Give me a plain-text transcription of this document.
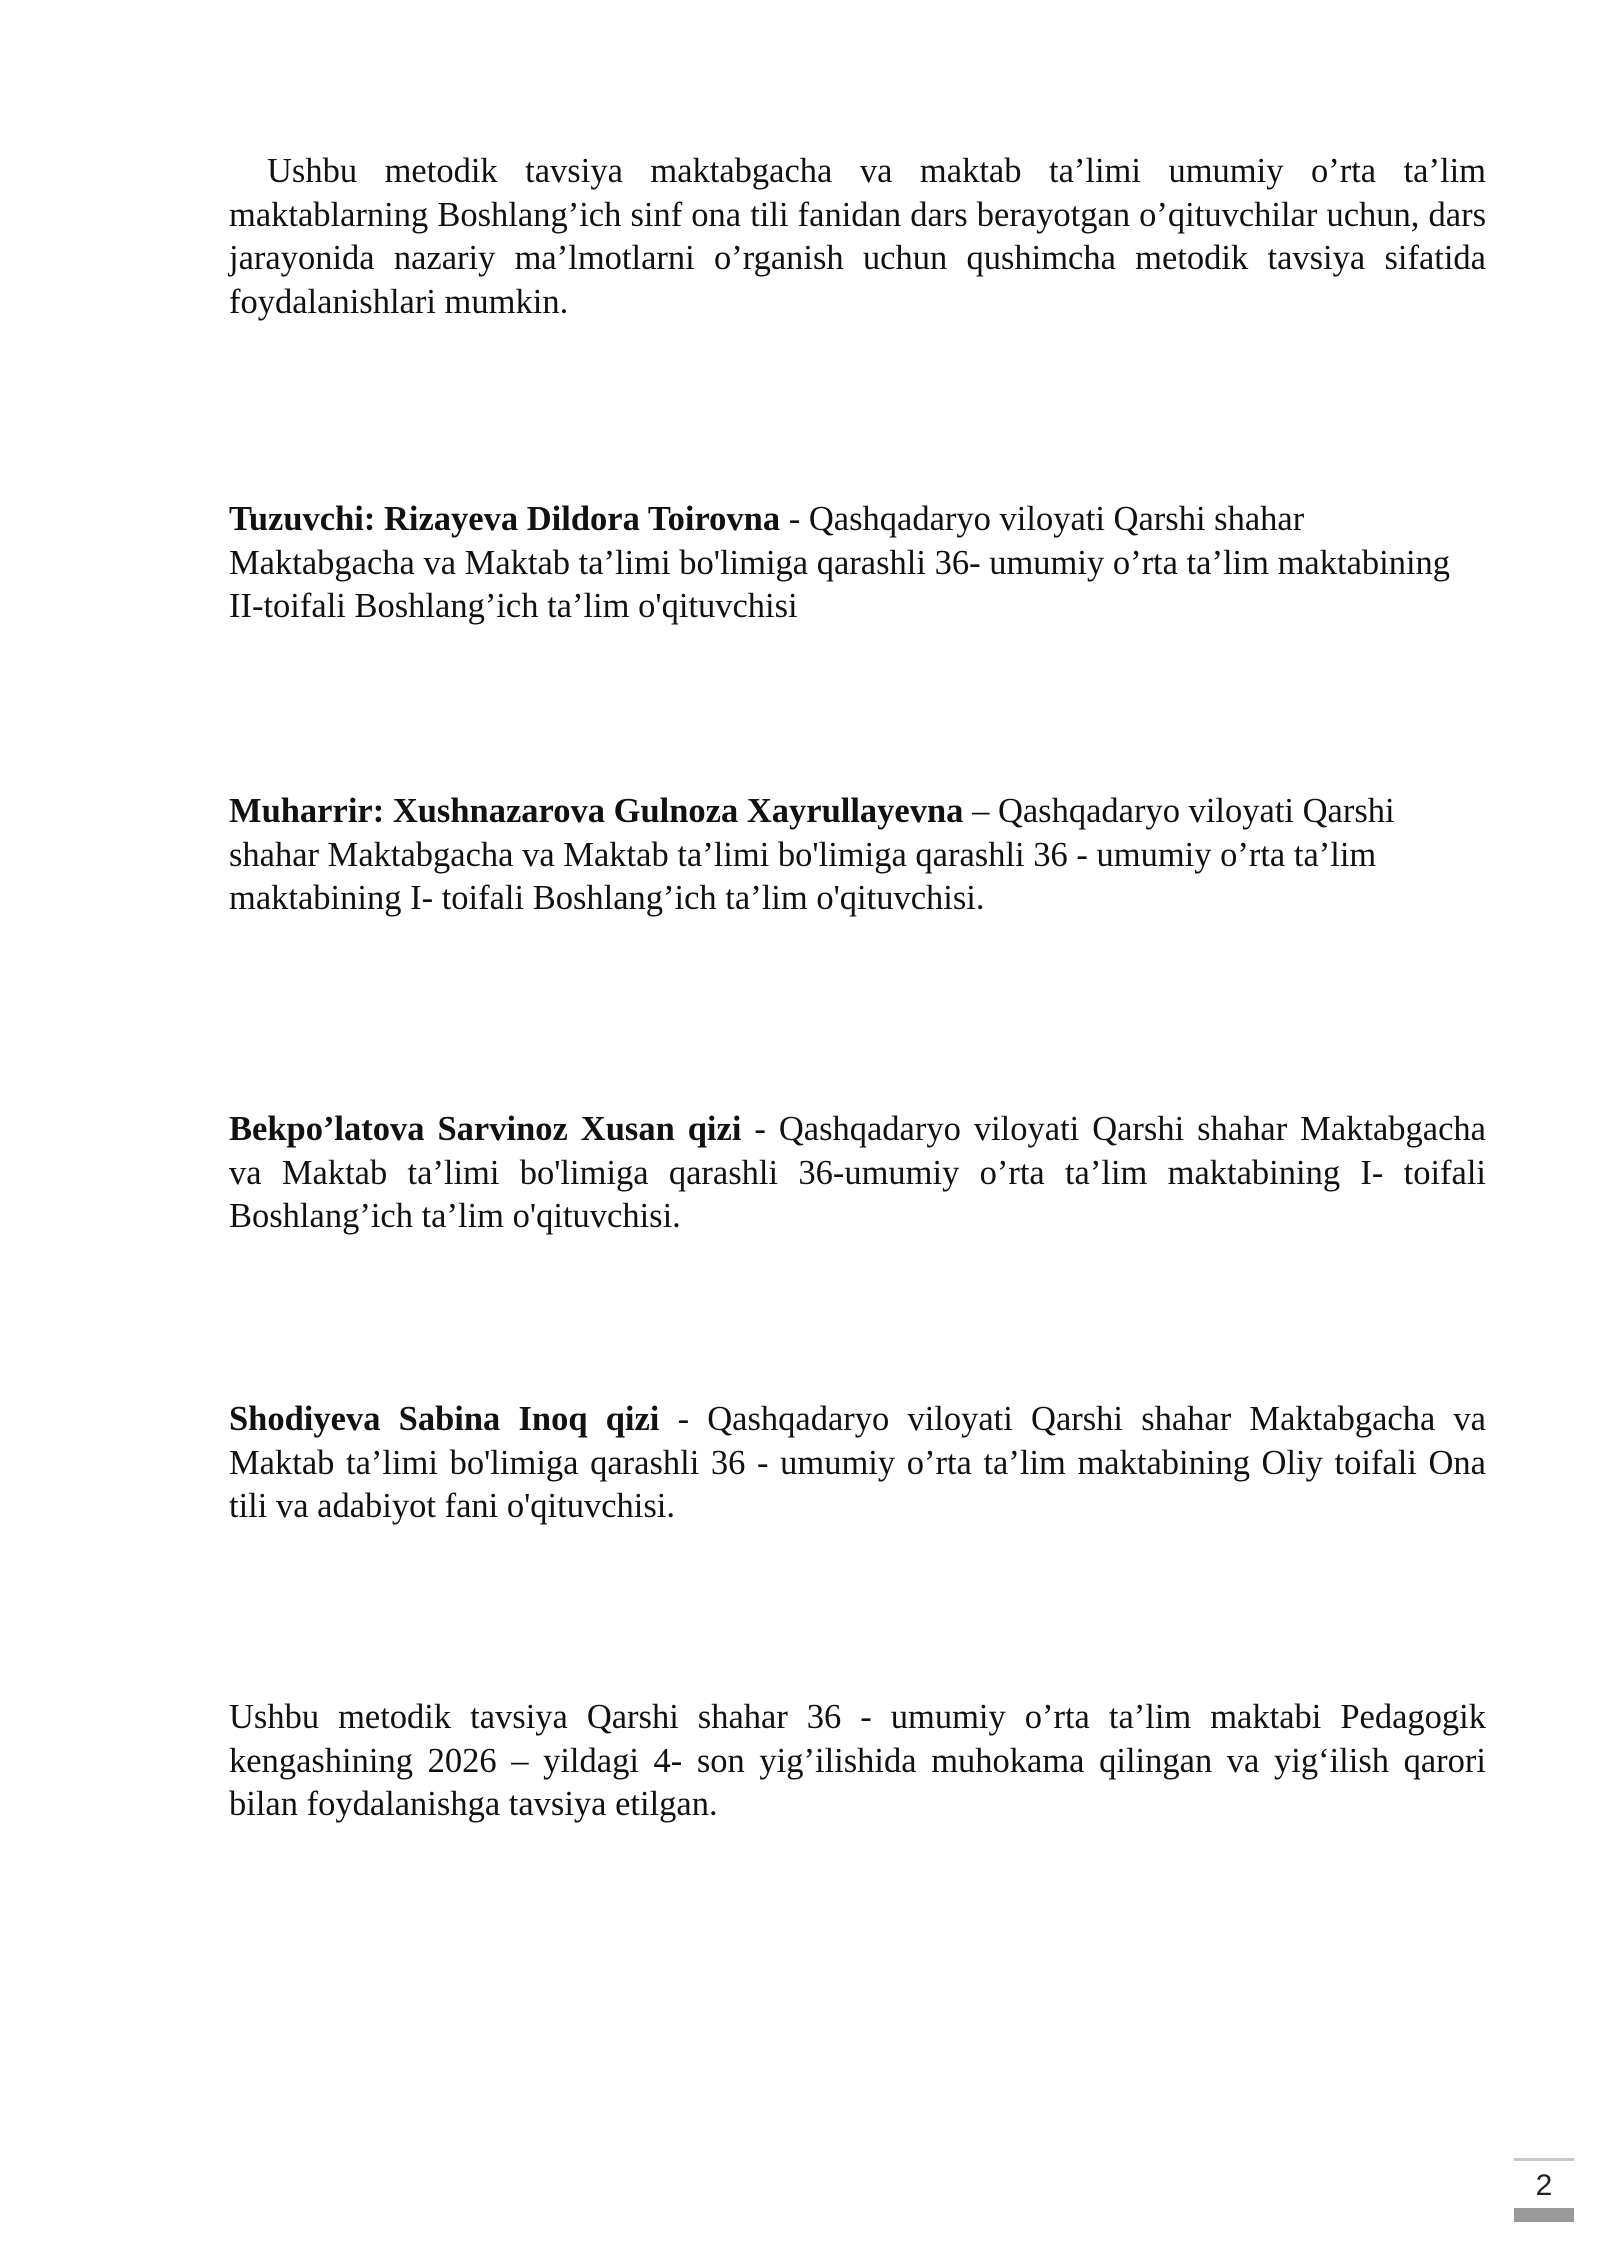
Ushbu metodik tavsiya maktabgacha va maktab ta’limi umumiy o’rta ta’lim maktablarning Boshlang’ich sinf ona tili fanidan dars berayotgan o’qituvchilar uchun, dars jarayonida nazariy ma’lmotlarni o’rganish uchun qushimcha metodik tavsiya sifatida foydalanishlari mumkin.

Tuzuvchi: Rizayeva Dildora Toirovna - Qashqadaryo viloyati Qarshi shahar Maktabgacha va Maktab ta’limi bo'limiga qarashli 36- umumiy o’rta ta’lim maktabining II-toifali Boshlang’ich ta’lim o'qituvchisi

Muharrir: Xushnazarova Gulnoza Xayrullayevna – Qashqadaryo viloyati Qarshi shahar Maktabgacha va Maktab ta’limi bo'limiga qarashli 36 - umumiy o’rta ta’lim maktabining I- toifali Boshlang’ich ta’lim o'qituvchisi.

Bekpo’latova Sarvinoz Xusan qizi - Qashqadaryo viloyati Qarshi shahar Maktabgacha va Maktab ta’limi bo'limiga qarashli 36-umumiy o’rta ta’lim maktabining I- toifali Boshlang’ich ta’lim o'qituvchisi.

Shodiyeva Sabina Inoq qizi - Qashqadaryo viloyati Qarshi shahar Maktabgacha va Maktab ta’limi bo'limiga qarashli 36 - umumiy o’rta ta’lim maktabining Oliy toifali Ona tili va adabiyot fani o'qituvchisi.

Ushbu metodik tavsiya Qarshi shahar 36 - umumiy o’rta ta’lim maktabi Pedagogik kengashining 2026 – yildagi 4- son yig’ilishida muhokama qilingan va yig‘ilish qarori bilan foydalanishga tavsiya etilgan.

2
